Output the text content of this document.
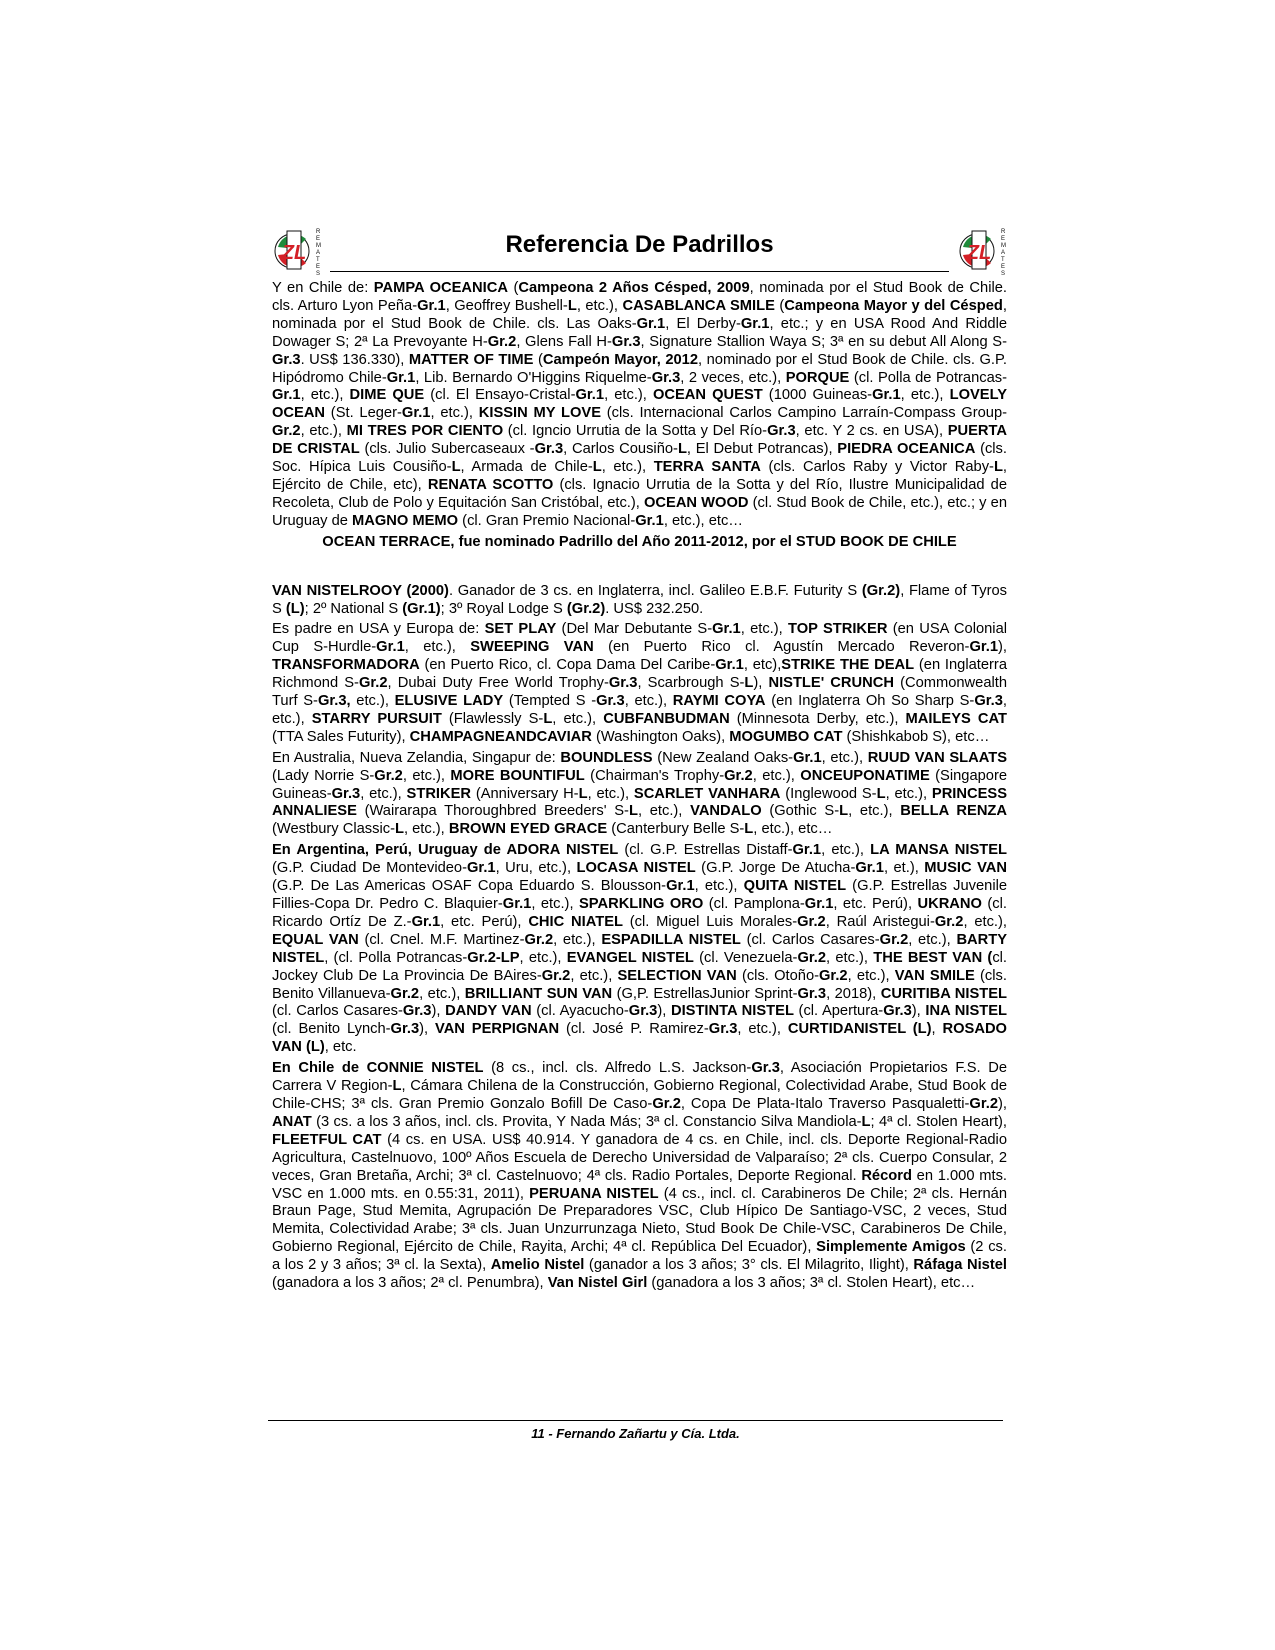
ZL
R
E
M
A
T
E
S
Referencia De Padrillos	ZL
R
E
M
A
T
E
S

Y en Chile de: PAMPA OCEANICA (Campeona 2 Años Césped, 2009, nominada por el Stud Book de Chile. cls. Arturo Lyon Peña-Gr.1, Geoffrey Bushell-L, etc.), CASABLANCA SMILE (Campeona Mayor y del Césped, nominada por el Stud Book de Chile. cls. Las Oaks-Gr.1, El Derby-Gr.1, etc.; y en USA Rood And Riddle Dowager S; 2ª La Prevoyante H-Gr.2, Glens Fall H-Gr.3, Signature Stallion Waya S; 3ª en su debut All Along S-Gr.3. US$ 136.330), MATTER OF TIME (Campeón Mayor, 2012, nominado por el Stud Book de Chile. cls. G.P. Hipódromo Chile-Gr.1, Lib. Bernardo O'Higgins Riquelme-Gr.3, 2 veces, etc.), PORQUE (cl. Polla de Potrancas-Gr.1, etc.), DIME QUE (cl. El Ensayo-Cristal-Gr.1, etc.), OCEAN QUEST (1000 Guineas-Gr.1, etc.), LOVELY OCEAN (St. Leger-Gr.1, etc.), KISSIN MY LOVE (cls. Internacional Carlos Campino Larraín-Compass Group-Gr.2, etc.), MI TRES POR CIENTO (cl. Igncio Urrutia de la Sotta y Del Río-Gr.3, etc. Y 2 cs. en USA), PUERTA DE CRISTAL (cls. Julio Subercaseaux -Gr.3, Carlos Cousiño-L, El Debut Potrancas), PIEDRA OCEANICA (cls. Soc. Hípica Luis Cousiño-L, Armada de Chile-L, etc.), TERRA SANTA (cls. Carlos Raby y Victor Raby-L, Ejército de Chile, etc), RENATA SCOTTO (cls. Ignacio Urrutia de la Sotta y del Río, Ilustre Municipalidad de Recoleta, Club de Polo y Equitación San Cristóbal, etc.), OCEAN WOOD (cl. Stud Book de Chile, etc.), etc.; y en Uruguay de MAGNO MEMO (cl. Gran Premio Nacional-Gr.1, etc.), etc…

OCEAN TERRACE, fue nominado Padrillo del Año 2011-2012, por el STUD BOOK DE CHILE

VAN NISTELROOY (2000). Ganador de 3 cs. en Inglaterra, incl. Galileo E.B.F. Futurity S (Gr.2), Flame of Tyros S (L); 2º National S (Gr.1); 3º Royal Lodge S (Gr.2). US$ 232.250.

Es padre en USA y Europa de: SET PLAY (Del Mar Debutante S-Gr.1, etc.), TOP STRIKER (en USA Colonial Cup S-Hurdle-Gr.1, etc.), SWEEPING VAN (en Puerto Rico cl. Agustín Mercado Reveron-Gr.1), TRANSFORMADORA (en Puerto Rico, cl. Copa Dama Del Caribe-Gr.1, etc),STRIKE THE DEAL (en Inglaterra Richmond S-Gr.2, Dubai Duty Free World Trophy-Gr.3, Scarbrough S-L), NISTLE' CRUNCH (Commonwealth Turf S-Gr.3, etc.), ELUSIVE LADY (Tempted S -Gr.3, etc.), RAYMI COYA (en Inglaterra Oh So Sharp S-Gr.3, etc.), STARRY PURSUIT (Flawlessly S-L, etc.), CUBFANBUDMAN (Minnesota Derby, etc.), MAILEYS CAT (TTA Sales Futurity), CHAMPAGNEANDCAVIAR (Washington Oaks), MOGUMBO CAT (Shishkabob S), etc…

En Australia, Nueva Zelandia, Singapur de: BOUNDLESS (New Zealand Oaks-Gr.1, etc.), RUUD VAN SLAATS (Lady Norrie S-Gr.2, etc.), MORE BOUNTIFUL (Chairman's Trophy-Gr.2, etc.), ONCEUPONATIME (Singapore Guineas-Gr.3, etc.), STRIKER (Anniversary H-L, etc.), SCARLET VANHARA (Inglewood S-L, etc.), PRINCESS ANNALIESE (Wairarapa Thoroughbred Breeders' S-L, etc.), VANDALO (Gothic S-L, etc.), BELLA RENZA (Westbury Classic-L, etc.), BROWN EYED GRACE (Canterbury Belle S-L, etc.), etc…

En Argentina, Perú, Uruguay de ADORA NISTEL (cl. G.P. Estrellas Distaff-Gr.1, etc.), LA MANSA NISTEL (G.P. Ciudad De Montevideo-Gr.1, Uru, etc.), LOCASA NISTEL (G.P. Jorge De Atucha-Gr.1, et.), MUSIC VAN (G.P. De Las Americas OSAF Copa Eduardo S. Blousson-Gr.1, etc.), QUITA NISTEL (G.P. Estrellas Juvenile Fillies-Copa Dr. Pedro C. Blaquier-Gr.1, etc.), SPARKLING ORO (cl. Pamplona-Gr.1, etc. Perú), UKRANO (cl. Ricardo Ortíz De Z.-Gr.1, etc. Perú), CHIC NIATEL (cl. Miguel Luis Morales-Gr.2, Raúl Aristegui-Gr.2, etc.), EQUAL VAN (cl. Cnel. M.F. Martinez-Gr.2, etc.), ESPADILLA NISTEL (cl. Carlos Casares-Gr.2, etc.), BARTY NISTEL, (cl. Polla Potrancas-Gr.2-LP, etc.), EVANGEL NISTEL (cl. Venezuela-Gr.2, etc.), THE BEST VAN (cl. Jockey Club De La Provincia De BAires-Gr.2, etc.), SELECTION VAN (cls. Otoño-Gr.2, etc.), VAN SMILE (cls. Benito Villanueva-Gr.2, etc.), BRILLIANT SUN VAN (G,P. EstrellasJunior Sprint-Gr.3, 2018), CURITIBA NISTEL (cl. Carlos Casares-Gr.3), DANDY VAN (cl. Ayacucho-Gr.3), DISTINTA NISTEL (cl. Apertura-Gr.3), INA NISTEL (cl. Benito Lynch-Gr.3), VAN PERPIGNAN (cl. José P. Ramirez-Gr.3, etc.), CURTIDANISTEL (L), ROSADO VAN (L), etc.

En Chile de CONNIE NISTEL (8 cs., incl. cls. Alfredo L.S. Jackson-Gr.3, Asociación Propietarios F.S. De Carrera V Region-L, Cámara Chilena de la Construcción, Gobierno Regional, Colectividad Arabe, Stud Book de Chile-CHS; 3ª cls. Gran Premio Gonzalo Bofill De Caso-Gr.2, Copa De Plata-Italo Traverso Pasqualetti-Gr.2), ANAT (3 cs. a los 3 años, incl. cls. Provita, Y Nada Más; 3ª cl. Constancio Silva Mandiola-L; 4ª cl. Stolen Heart), FLEETFUL CAT (4 cs. en USA. US$ 40.914. Y ganadora de 4 cs. en Chile, incl. cls. Deporte Regional-Radio Agricultura, Castelnuovo, 100º Años Escuela de Derecho Universidad de Valparaíso; 2ª cls. Cuerpo Consular, 2 veces, Gran Bretaña, Archi; 3ª cl. Castelnuovo; 4ª cls. Radio Portales, Deporte Regional. Récord en 1.000 mts. VSC en 1.000 mts. en 0.55:31, 2011), PERUANA NISTEL (4 cs., incl. cl. Carabineros De Chile; 2ª cls. Hernán Braun Page, Stud Memita, Agrupación De Preparadores VSC, Club Hípico De Santiago-VSC, 2 veces, Stud Memita, Colectividad Arabe; 3ª cls. Juan Unzurrunzaga Nieto, Stud Book De Chile-VSC, Carabineros De Chile, Gobierno Regional, Ejército de Chile, Rayita, Archi; 4ª cl. República Del Ecuador), Simplemente Amigos (2 cs. a los 2 y 3 años; 3ª cl. la Sexta), Amelio Nistel (ganador a los 3 años; 3° cls. El Milagrito, Ilight), Ráfaga Nistel (ganadora a los 3 años; 2ª cl. Penumbra), Van Nistel Girl (ganadora a los 3 años; 3ª cl. Stolen Heart), etc…

11 - Fernando Zañartu y Cía. Ltda.
